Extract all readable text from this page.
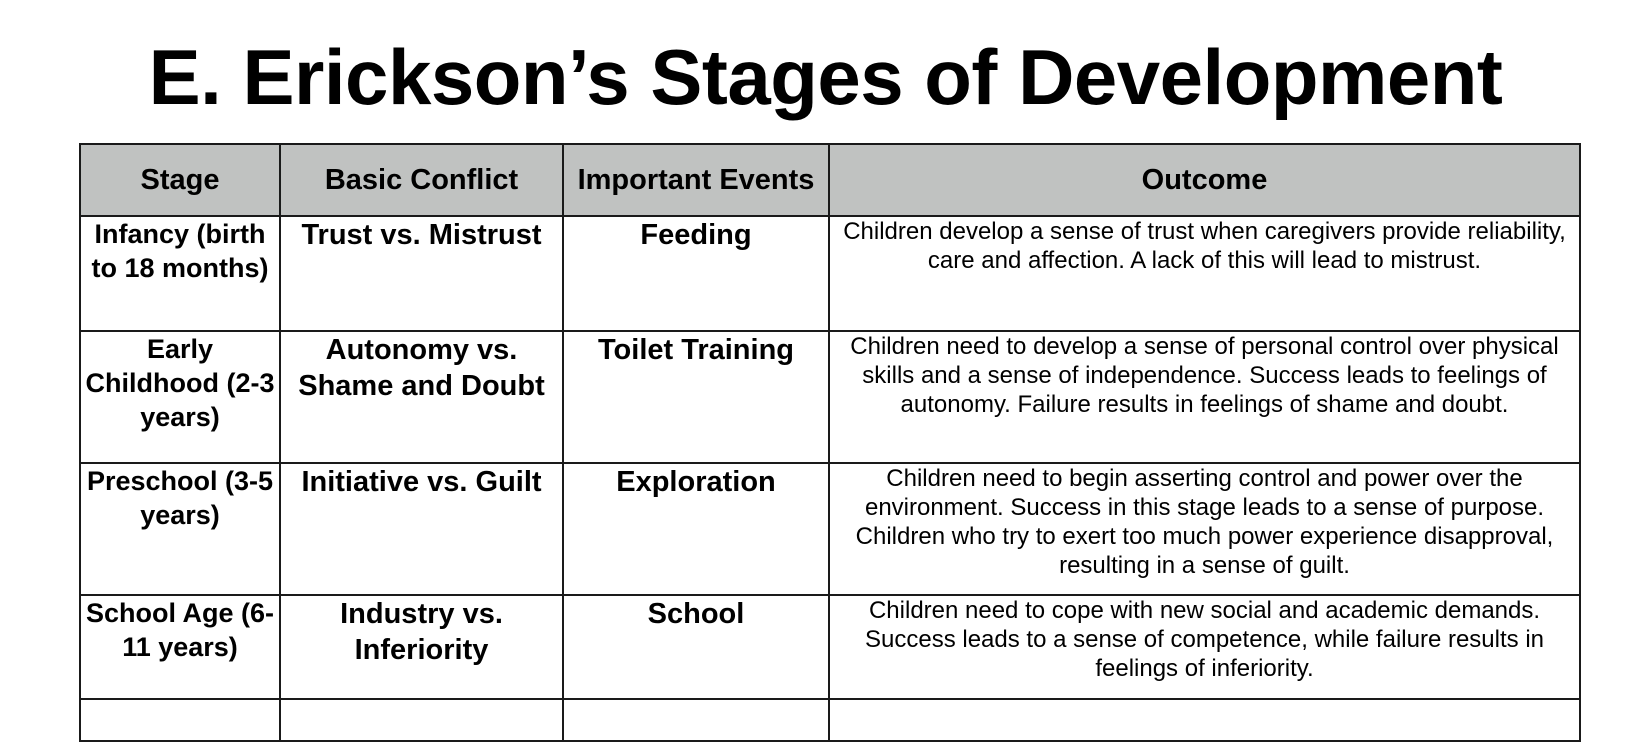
E. Erickson’s Stages of Development
Stage	Basic Conflict	Important Events	Outcome
Infancy (birth to 18 months)	Trust vs. Mistrust	Feeding	Children develop a sense of trust when caregivers provide reliability, care and affection. A lack of this will lead to mistrust.
Early Childhood (2-3 years)	Autonomy vs. Shame and Doubt	Toilet Training	Children need to develop a sense of personal control over physical skills and a sense of independence. Success leads to feelings of autonomy. Failure results in feelings of shame and doubt.
Preschool (3-5 years)	Initiative vs. Guilt	Exploration	Children need to begin asserting control and power over the environment. Success in this stage leads to a sense of purpose. Children who try to exert too much power experience disapproval, resulting in a sense of guilt.
School Age (6-11 years)	Industry vs. Inferiority	School	Children need to cope with new social and academic demands. Success leads to a sense of competence, while failure results in feelings of inferiority.
